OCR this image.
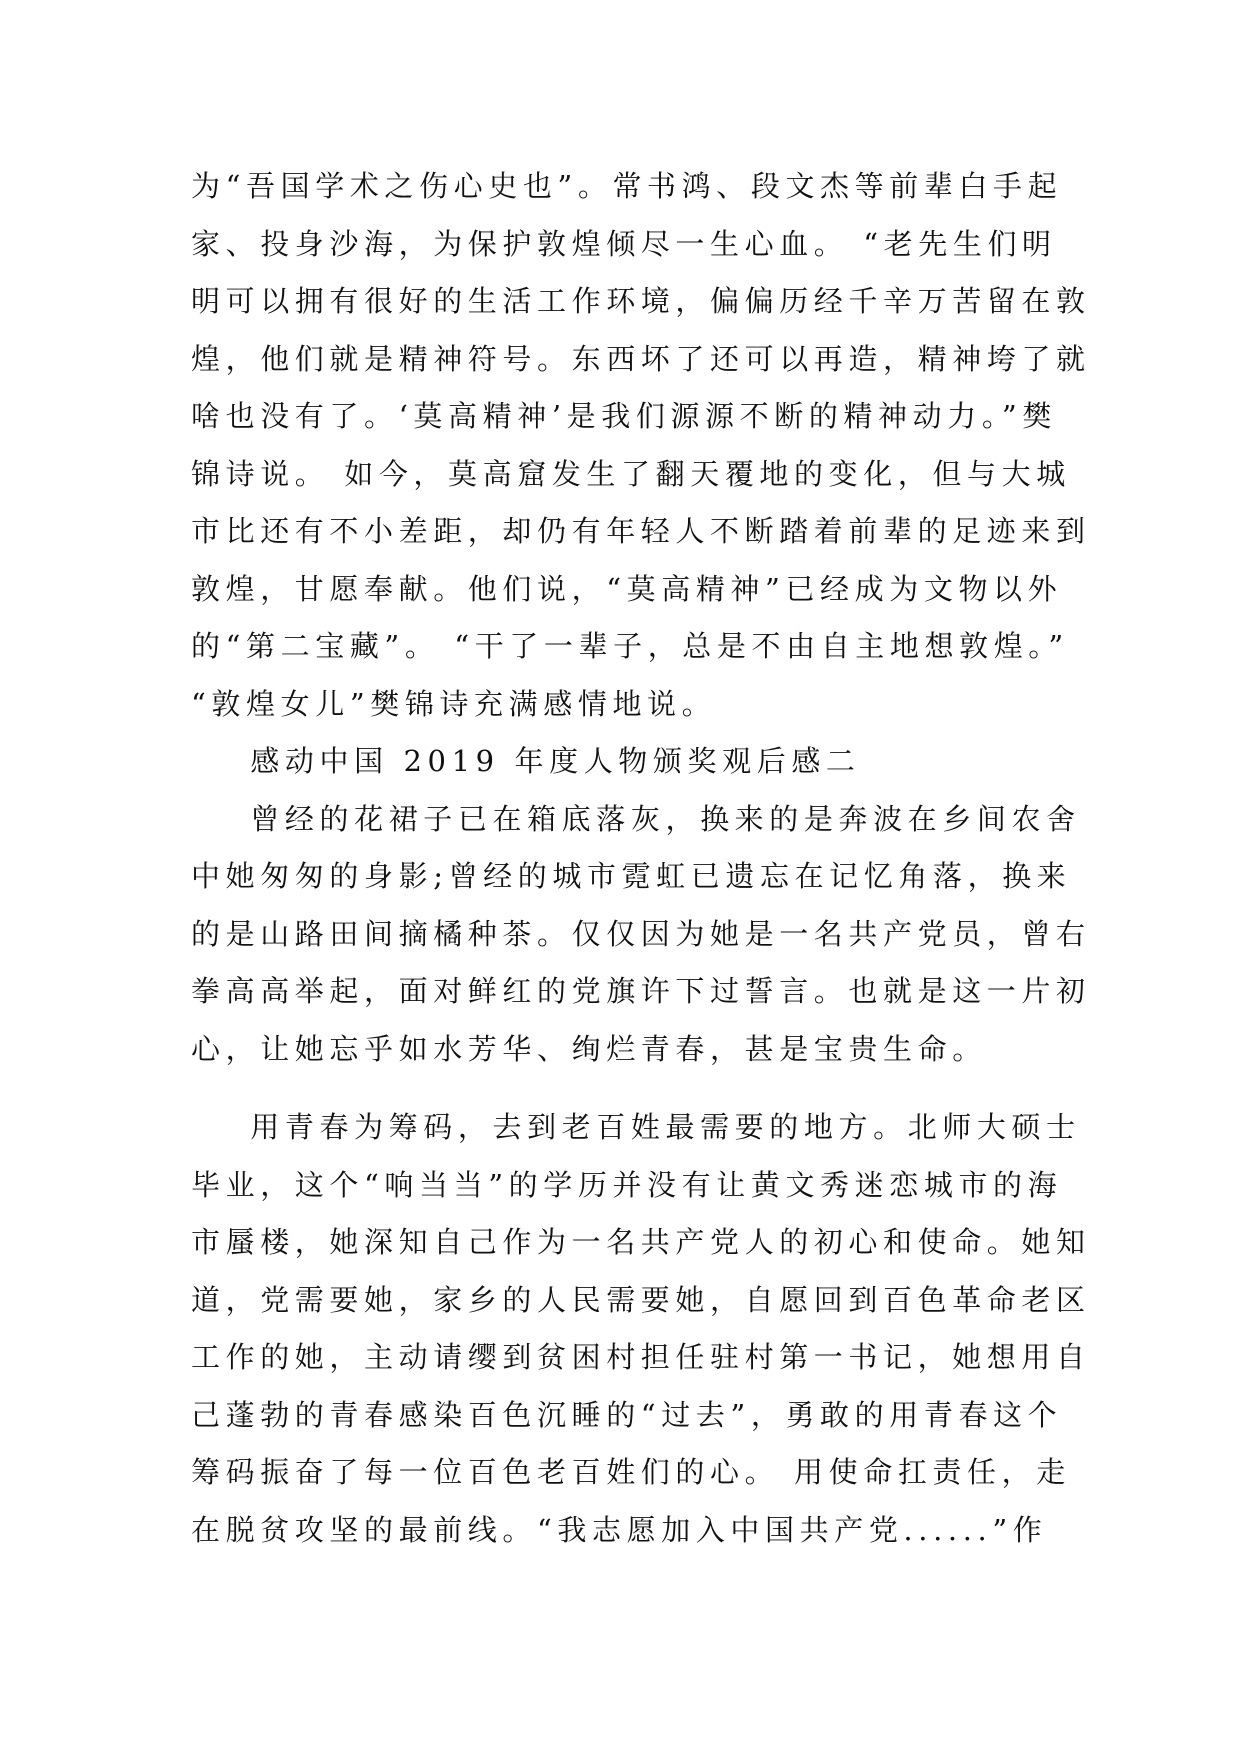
为“吾国学术之伤心史也”。常书鸿、段文杰等前辈白手起
家、投身沙海，为保护敦煌倾尽一生心血。 “老先生们明
明可以拥有很好的生活工作环境，偏偏历经千辛万苦留在敦
煌，他们就是精神符号。东西坏了还可以再造，精神垮了就
啥也没有了。‘莫高精神’是我们源源不断的精神动力。”樊
锦诗说。 如今，莫高窟发生了翻天覆地的变化，但与大城
市比还有不小差距，却仍有年轻人不断踏着前辈的足迹来到
敦煌，甘愿奉献。他们说，“莫高精神”已经成为文物以外
的“第二宝藏”。 “干了一辈子，总是不由自主地想敦煌。”
“敦煌女儿”樊锦诗充满感情地说。
感动中国 2019 年度人物颁奖观后感二
曾经的花裙子已在箱底落灰，换来的是奔波在乡间农舍
中她匆匆的身影;曾经的城市霓虹已遗忘在记忆角落，换来
的是山路田间摘橘种茶。仅仅因为她是一名共产党员，曾右
拳高高举起，面对鲜红的党旗许下过誓言。也就是这一片初
心，让她忘乎如水芳华、绚烂青春，甚是宝贵生命。
用青春为筹码，去到老百姓最需要的地方。北师大硕士
毕业，这个“响当当”的学历并没有让黄文秀迷恋城市的海
市蜃楼，她深知自己作为一名共产党人的初心和使命。她知
道，党需要她，家乡的人民需要她，自愿回到百色革命老区
工作的她，主动请缨到贫困村担任驻村第一书记，她想用自
己蓬勃的青春感染百色沉睡的“过去”，勇敢的用青春这个
筹码振奋了每一位百色老百姓们的心。 用使命扛责任，走
在脱贫攻坚的最前线。“我志愿加入中国共产党......”作
